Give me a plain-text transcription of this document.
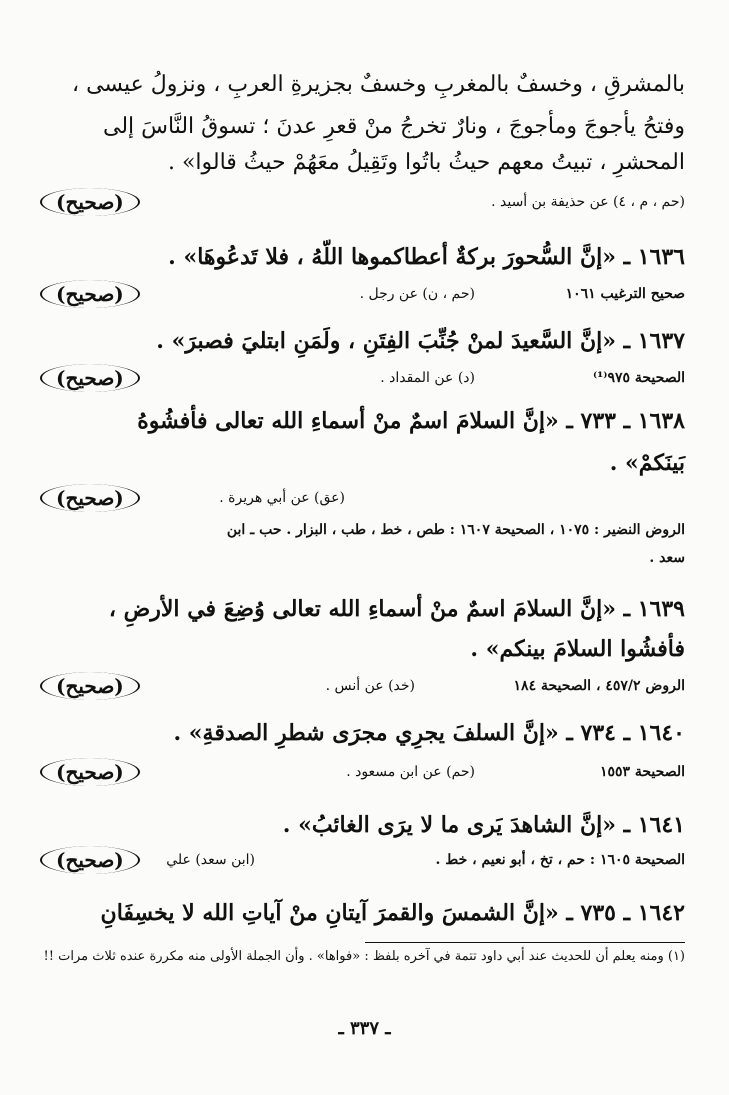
بالمشرقِ ، وخسفٌ بالمغربِ وخسفٌ بجزيرةِ العربِ ، ونزولُ عيسى ،
وفتحُ يأجوجَ ومأجوجَ ، ونارٌ تخرجُ منْ قعرِ عدنَ ؛ تسوقُ النَّاسَ إلى
المحشرِ ، تبيتُ معهم حيثُ باتُوا وتَقِيلُ معَهُمْ حيثُ قالوا» .
(صحيح)	(حم ، م ، ٤) عن حذيفة بن أسيد .
١٦٣٦ ـ «إنَّ السُّحورَ بركةٌ أعطاكموها اللّهُ ، فلا تَدعُوهَا» .
(صحيح)	(حم ، ن) عن رجل .	صحيح الترغيب ١٠٦١
١٦٣٧ ـ «إنَّ السَّعيدَ لمنْ جُنِّبَ الفِتَنِ ، ولَمَنِ ابتليَ فصبرَ» .
(صحيح)	(د) عن المقداد .	الصحيحة ٩٧٥⁽¹⁾
١٦٣٨ ـ ٧٣٣ ـ «إنَّ السلامَ اسمٌ منْ أسماءِ الله تعالى فأفشُوهُ
بَينَكمْ» .
(صحيح)	(عق) عن أبي هريرة .
الروض النضير : ١٠٧٥ ، الصحيحة ١٦٠٧ : طص ، خط ، طب ، البزار . حب ـ ابن
سعد .
١٦٣٩ ـ «إنَّ السلامَ اسمٌ منْ أسماءِ الله تعالى وُضِعَ في الأرضِ ،
فأفشُوا السلامَ بينكم» .
(صحيح)	(خد) عن أنس .	الروض ٤٥٧/٢ ، الصحيحة ١٨٤
١٦٤٠ ـ ٧٣٤ ـ «إنَّ السلفَ يجرِي مجرَى شطرِ الصدقةِ» .
(صحيح)	(حم) عن ابن مسعود .	الصحيحة ١٥٥٣
١٦٤١ ـ «إنَّ الشاهدَ يَرى ما لا يرَى الغائبُ» .
(صحيح)	(ابن سعد) علي	الصحيحة ١٦٠٥ : حم ، تخ ، أبو نعيم ، خط .
١٦٤٢ ـ ٧٣٥ ـ «إنَّ الشمسَ والقمرَ آيتانِ منْ آياتِ الله لا يخسِفَانِ
(١) ومنه يعلم أن للحديث عند أبي داود تتمة في آخره بلفظ : «فواها» . وأن الجملة الأولى منه مكررة عنده ثلاث مرات !!
ـ ٣٣٧ ـ
